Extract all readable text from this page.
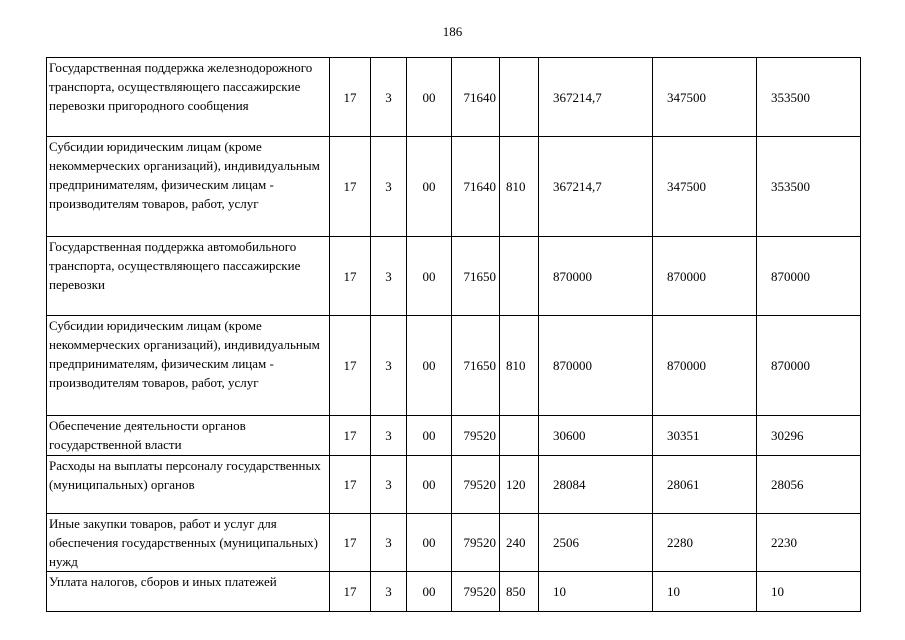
186
Государственная поддержка железнодорожного транспорта, осуществляющего пассажирские перевозки пригородного сообщения	17	3	00	71640		367214,7	347500	353500
Субсидии юридическим лицам (кроме некоммерческих организаций), индивидуальным предпринимателям, физическим лицам - производителям товаров, работ, услуг	17	3	00	71640	810	367214,7	347500	353500
Государственная поддержка автомобильного транспорта, осуществляющего пассажирские перевозки	17	3	00	71650		870000	870000	870000
Субсидии юридическим лицам (кроме некоммерческих организаций), индивидуальным предпринимателям, физическим лицам - производителям товаров, работ, услуг	17	3	00	71650	810	870000	870000	870000
Обеспечение деятельности органов государственной власти	17	3	00	79520		30600	30351	30296
Расходы на выплаты персоналу государственных (муниципальных) органов	17	3	00	79520	120	28084	28061	28056
Иные закупки товаров, работ и услуг для обеспечения государственных (муниципальных) нужд	17	3	00	79520	240	2506	2280	2230
Уплата налогов, сборов и иных платежей	17	3	00	79520	850	10	10	10
